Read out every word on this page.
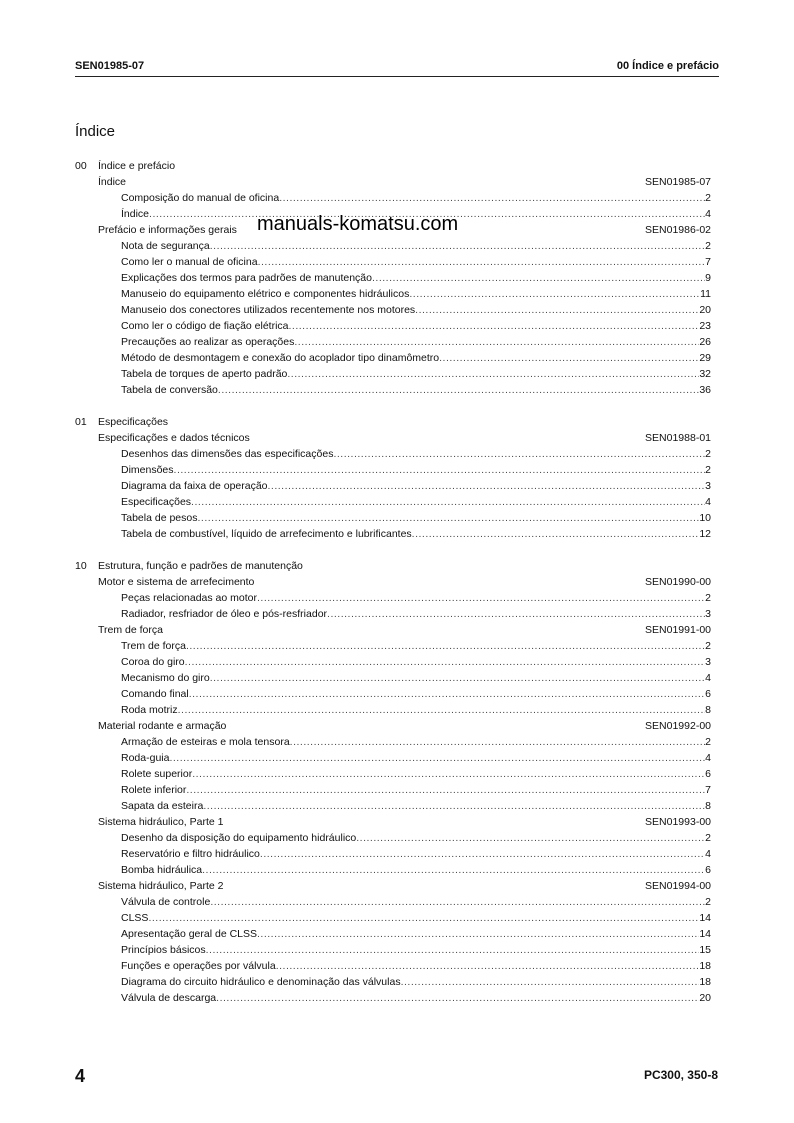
SEN01985-07	00 Índice e prefácio
Índice
00	Índice e prefácio
Índice	SEN01985-07
Composição do manual de oficina .....	2
Índice .....	4
Prefácio e informações gerais	SEN01986-02
Nota de segurança .....	2
Como ler o manual de oficina .....	7
Explicações dos termos para padrões de manutenção .....	9
Manuseio do equipamento elétrico e componentes hidráulicos .....	11
Manuseio dos conectores utilizados recentemente nos motores .....	20
Como ler o código de fiação elétrica .....	23
Precauções ao realizar as operações .....	26
Método de desmontagem e conexão do acoplador tipo dinamômetro .....	29
Tabela de torques de aperto padrão .....	32
Tabela de conversão .....	36
01	Especificações
Especificações e dados técnicos	SEN01988-01
Desenhos das dimensões das especificações .....	2
Dimensões .....	2
Diagrama da faixa de operação .....	3
Especificações .....	4
Tabela de pesos .....	10
Tabela de combustível, líquido de arrefecimento e lubrificantes .....	12
10	Estrutura, função e padrões de manutenção
Motor e sistema de arrefecimento	SEN01990-00
Peças relacionadas ao motor .....	2
Radiador, resfriador de óleo e pós-resfriador .....	3
Trem de força	SEN01991-00
Trem de força .....	2
Coroa do giro .....	3
Mecanismo do giro .....	4
Comando final .....	6
Roda motriz .....	8
Material rodante e armação	SEN01992-00
Armação de esteiras e mola tensora .....	2
Roda-guia .....	4
Rolete superior .....	6
Rolete inferior .....	7
Sapata da esteira .....	8
Sistema hidráulico, Parte 1	SEN01993-00
Desenho da disposição do equipamento hidráulico .....	2
Reservatório e filtro hidráulico .....	4
Bomba hidráulica .....	6
Sistema hidráulico, Parte 2	SEN01994-00
Válvula de controle .....	2
CLSS .....	14
Apresentação geral de CLSS .....	14
Princípios básicos .....	15
Funções e operações por válvula .....	18
Diagrama do circuito hidráulico e denominação das válvulas .....	18
Válvula de descarga .....	20
manuals-komatsu.com
4	PC300, 350-8
